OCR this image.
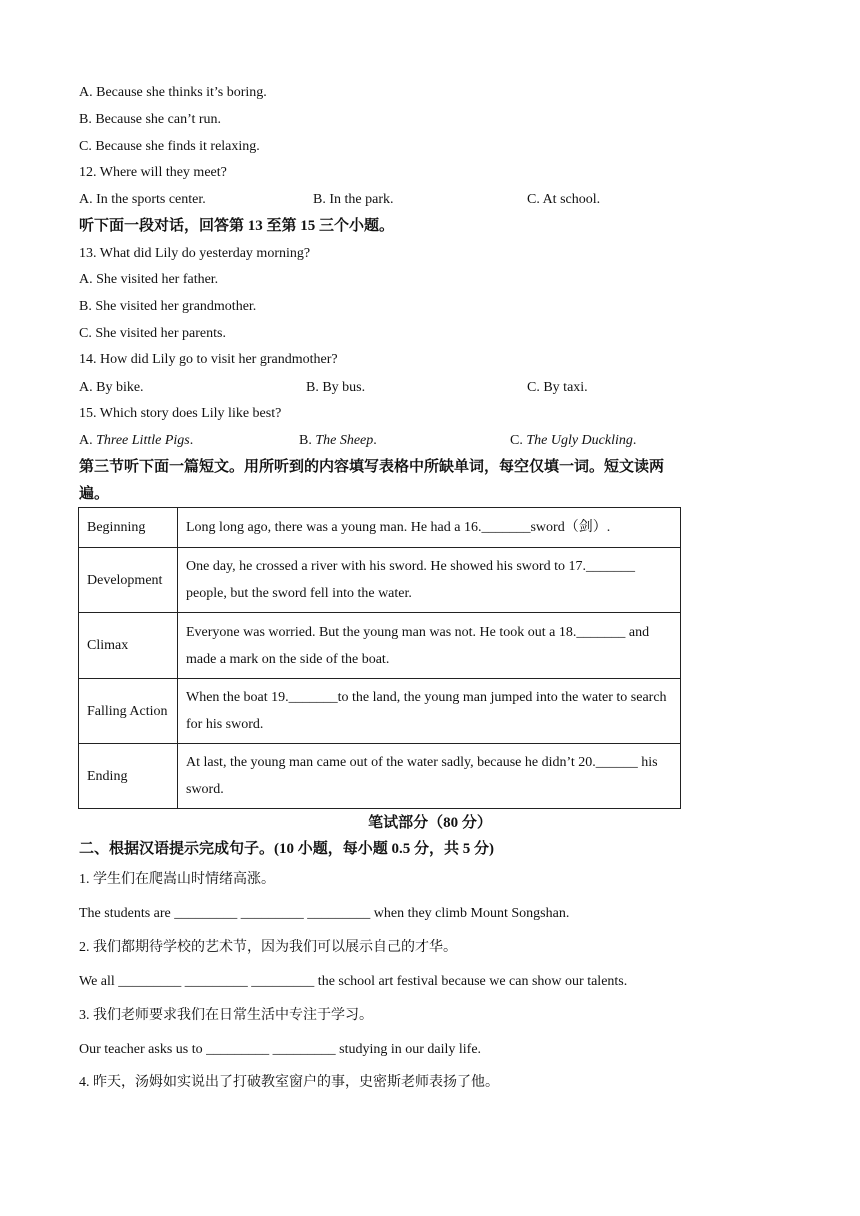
A. Because she thinks it’s boring.
B. Because she can’t run.
C. Because she finds it relaxing.
12. Where will they meet?
A. In the sports center.	B. In the park.	C. At school.
听下面一段对话，回答第 13 至第 15 三个小题。
13. What did Lily do yesterday morning?
A. She visited her father.
B. She visited her grandmother.
C. She visited her parents.
14. How did Lily go to visit her grandmother?
A. By bike.	B. By bus.	C. By taxi.
15. Which story does Lily like best?
A. Three Little Pigs.	B. The Sheep.	C. The Ugly Duckling.
第三节听下面一篇短文。用所听到的内容填写表格中所缺单词，每空仅填一词。短文读两
遍。
Beginning	Long long ago, there was a young man. He had a 16._______sword（剑）.
Development	One day, he crossed a river with his sword. He showed his sword to 17._______ people, but the sword fell into the water.
Climax	Everyone was worried. But the young man was not. He took out a 18._______ and made a mark on the side of the boat.
Falling Action	When the boat 19._______to the land, the young man jumped into the water to search for his sword.
Ending	At last, the young man came out of the water sadly, because he didn’t 20.______ his sword.
笔试部分（80 分）
二、根据汉语提示完成句子。(10 小题，每小题 0.5 分，共 5 分)
1. 学生们在爬嵩山时情绪高涨。
The students are _________ _________ _________ when they climb Mount Songshan.
2. 我们都期待学校的艺术节，因为我们可以展示自己的才华。
We all _________ _________ _________ the school art festival because we can show our talents.
3. 我们老师要求我们在日常生活中专注于学习。
Our teacher asks us to _________ _________ studying in our daily life.
4. 昨天，汤姆如实说出了打破教室窗户的事，史密斯老师表扬了他。
